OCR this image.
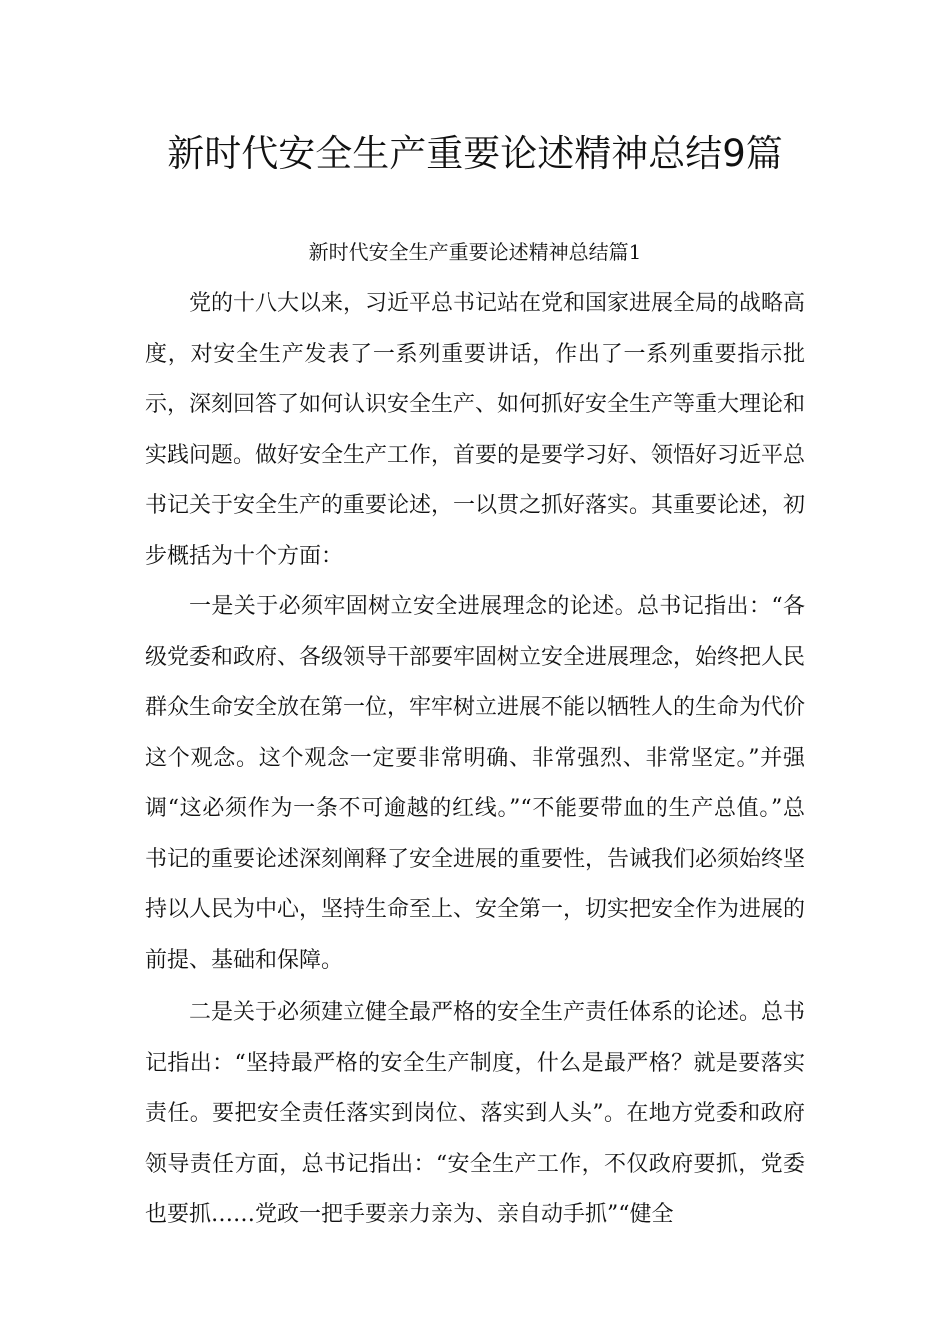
新时代安全生产重要论述精神总结9篇
新时代安全生产重要论述精神总结篇1

党的十八大以来，习近平总书记站在党和国家进展全局的战略高度，对安全生产发表了一系列重要讲话，作出了一系列重要指示批示，深刻回答了如何认识安全生产、如何抓好安全生产等重大理论和实践问题。做好安全生产工作，首要的是要学习好、领悟好习近平总书记关于安全生产的重要论述，一以贯之抓好落实。其重要论述，初步概括为十个方面：

一是关于必须牢固树立安全进展理念的论述。总书记指出：“各级党委和政府、各级领导干部要牢固树立安全进展理念，始终把人民群众生命安全放在第一位，牢牢树立进展不能以牺牲人的生命为代价这个观念。这个观念一定要非常明确、非常强烈、非常坚定。”并强调“这必须作为一条不可逾越的红线。”“不能要带血的生产总值。”总书记的重要论述深刻阐释了安全进展的重要性，告诫我们必须始终坚持以人民为中心，坚持生命至上、安全第一，切实把安全作为进展的前提、基础和保障。

二是关于必须建立健全最严格的安全生产责任体系的论述。总书记指出：“坚持最严格的安全生产制度，什么是最严格？就是要落实责任。要把安全责任落实到岗位、落实到人头”。在地方党委和政府领导责任方面，总书记指出：“安全生产工作，不仅政府要抓，党委也要抓……党政一把手要亲力亲为、亲自动手抓”“健全
